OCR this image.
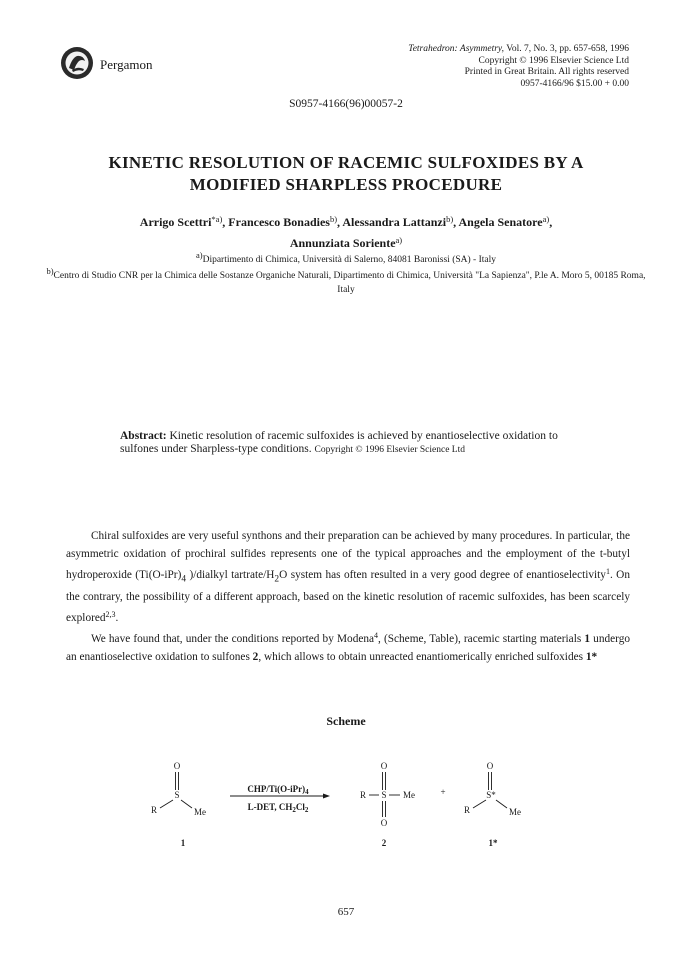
Pergamon
Tetrahedron: Asymmetry, Vol. 7, No. 3, pp. 657-658, 1996
Copyright © 1996 Elsevier Science Ltd
Printed in Great Britain. All rights reserved
0957-4166/96 $15.00 + 0.00
S0957-4166(96)00057-2
KINETIC RESOLUTION OF RACEMIC SULFOXIDES BY A
MODIFIED SHARPLESS PROCEDURE
Arrigo Scettri$^{*a)}$, Francesco Bonadies$^{b)}$, Alessandra Lattanzi$^{b)}$, Angela Senatore$^{a)}$,
Annunziata Soriente$^{a)}$
$^{a)}$Dipartimento di Chimica, Università di Salerno, 84081 Baronissi (SA) - Italy
$^{b)}$Centro di Studio CNR per la Chimica delle Sostanze Organiche Naturali, Dipartimento di Chimica, Università "La Sapienza", P.le A. Moro 5, 00185 Roma, Italy
Abstract: Kinetic resolution of racemic sulfoxides is achieved by enantioselective oxidation to sulfones under Sharpless-type conditions. Copyright © 1996 Elsevier Science Ltd

Chiral sulfoxides are very useful synthons and their preparation can be achieved by many procedures. In particular, the asymmetric oxidation of prochiral sulfides represents one of the typical approaches and the employment of the t-butyl hydroperoxide ($Ti(O-iPr)_4$ )/dialkyl tartrate/$H_2O$ system has often resulted in a very good degree of enantioselectivity$^1$. On the contrary, the possibility of a different approach, based on the kinetic resolution of racemic sulfoxides, has been scarcely explored$^{2,3}$.

We have found that, under the conditions reported by Modena$^4$, (Scheme, Table), racemic starting materials 1 undergo an enantioselective oxidation to sulfones 2, which allows to obtain unreacted enantiomerically enriched sulfoxides 1*

Scheme
O
S
R	Me
1
CHP/$Ti(O-iPr)_4$
L-DET, $CH_2Cl_2$
O
R S Me
O
2
+
O
S*
R	Me
1*
657
